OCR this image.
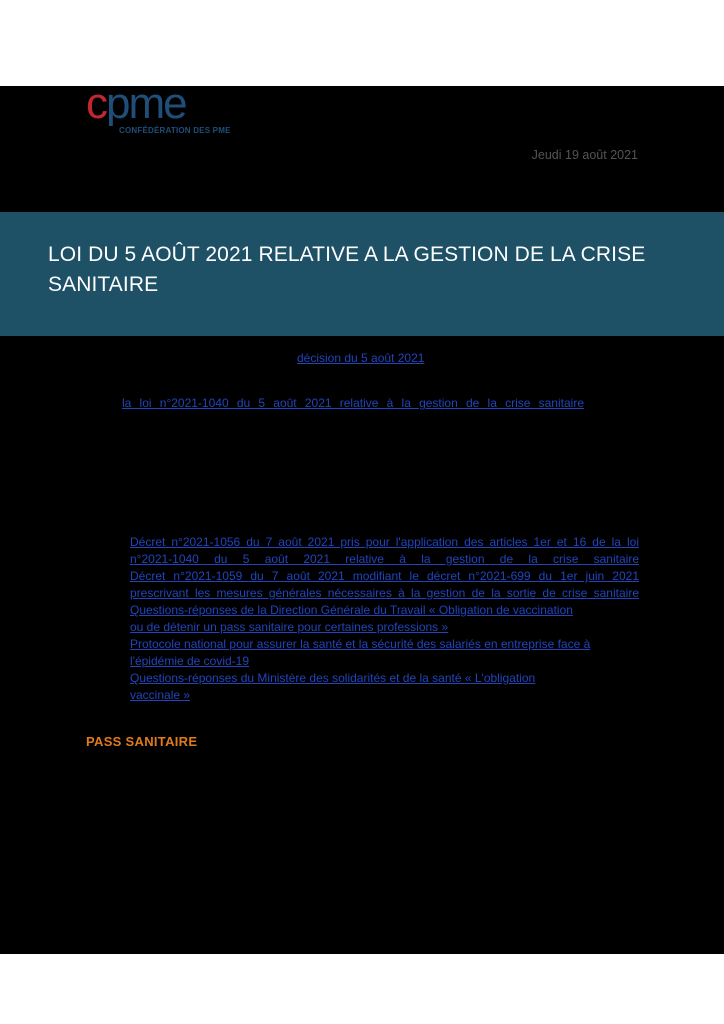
cpme
CONFÉDÉRATION DES PME
Jeudi 19 août 2021
LOI DU 5 AOÛT 2021 RELATIVE A LA GESTION DE LA CRISE SANITAIRE
décision du 5 août 2021
la loi n°2021-1040 du 5 août 2021 relative à la gestion de la crise sanitaire
Décret n°2021-1056 du 7 août 2021 pris pour l'application des articles 1er et 16 de la loi
n°2021-1040 du 5 août 2021 relative à la gestion de la crise sanitaire
Décret n°2021-1059 du 7 août 2021 modifiant le décret n°2021-699 du 1er juin 2021
prescrivant les mesures générales nécessaires à la gestion de la sortie de crise sanitaire
Questions-réponses de la Direction Générale du Travail « Obligation de vaccination
ou de détenir un pass sanitaire pour certaines professions »
Protocole national pour assurer la santé et la sécurité des salariés en entreprise face à
l'épidémie de covid-19
Questions-réponses du Ministère des solidarités et de la santé « L'obligation
vaccinale »
PASS SANITAIRE
